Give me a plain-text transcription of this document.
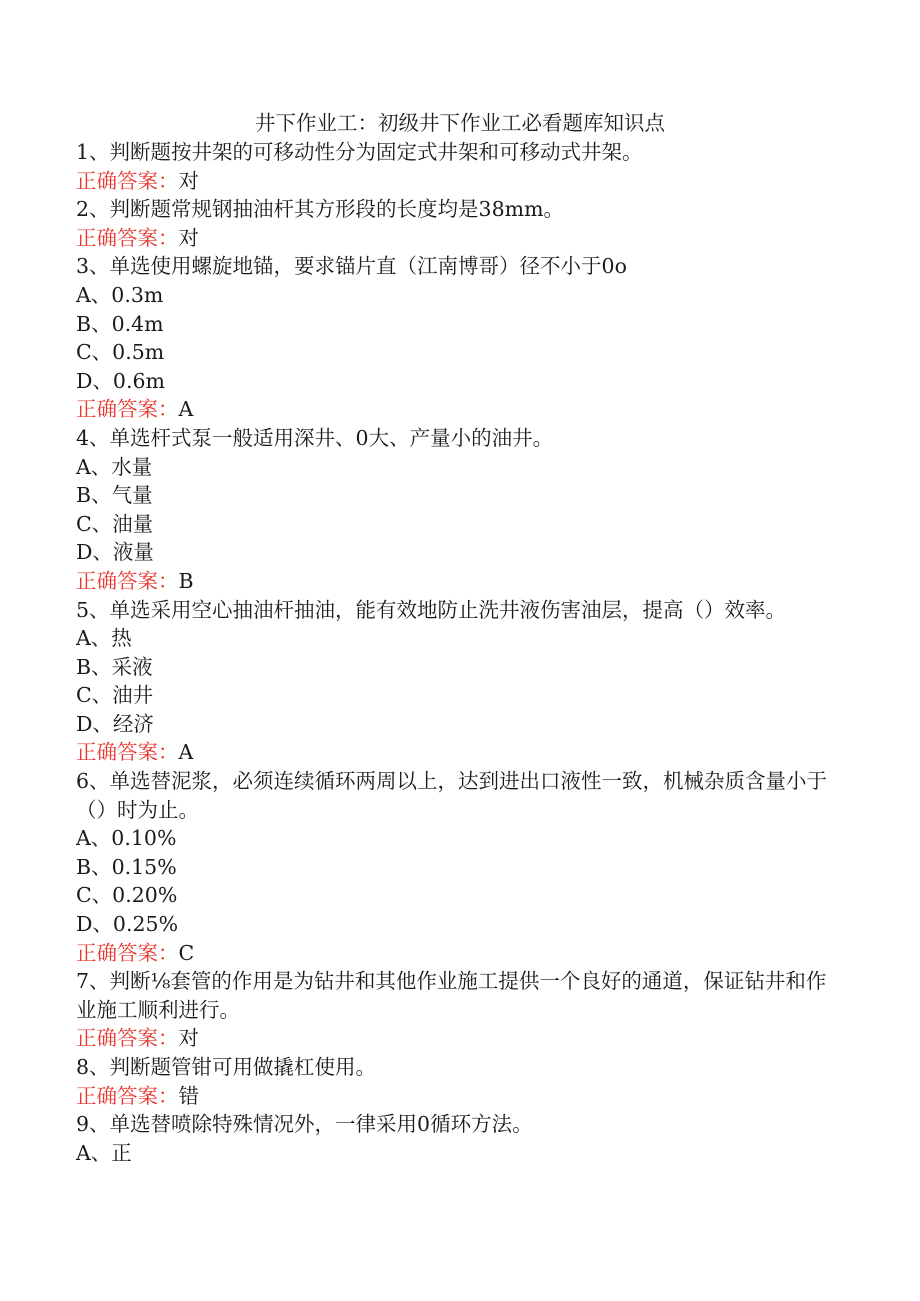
井下作业工：初级井下作业工必看题库知识点
1、判断题按井架的可移动性分为固定式井架和可移动式井架。
正确答案：对
2、判断题常规钢抽油杆其方形段的长度均是38mm。
正确答案：对
3、单选使用螺旋地锚，要求锚片直（江南博哥）径不小于0o
A、0.3m
B、0.4m
C、0.5m
D、0.6m
正确答案：A
4、单选杆式泵一般适用深井、0大、产量小的油井。
A、水量
B、气量
C、油量
D、液量
正确答案：B
5、单选采用空心抽油杆抽油，能有效地防止洗井液伤害油层，提高（）效率。
A、热
B、采液
C、油井
D、经济
正确答案：A
6、单选替泥浆，必须连续循环两周以上，达到进出口液性一致，机械杂质含量小于（）时为止。
A、0.10%
B、0.15%
C、0.20%
D、0.25%
正确答案：C
7、判断⅛套管的作用是为钻井和其他作业施工提供一个良好的通道，保证钻井和作业施工顺利进行。
正确答案：对
8、判断题管钳可用做撬杠使用。
正确答案：错
9、单选替喷除特殊情况外，一律采用0循环方法。
A、正
